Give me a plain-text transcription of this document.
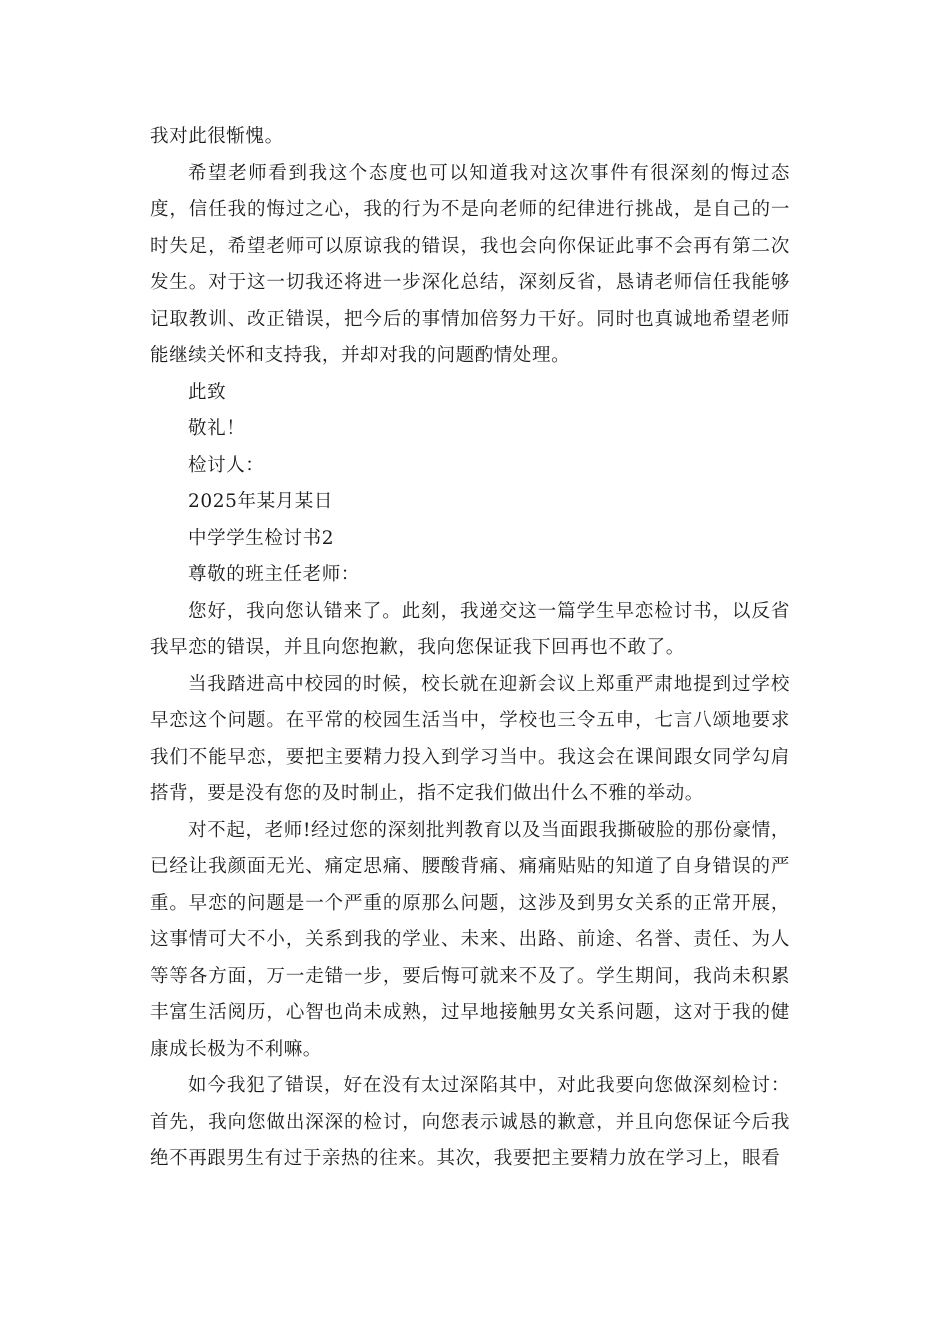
我对此很惭愧。

希望老师看到我这个态度也可以知道我对这次事件有很深刻的悔过态度，信任我的悔过之心，我的行为不是向老师的纪律进行挑战，是自己的一时失足，希望老师可以原谅我的错误，我也会向你保证此事不会再有第二次发生。对于这一切我还将进一步深化总结，深刻反省，恳请老师信任我能够记取教训、改正错误，把今后的事情加倍努力干好。同时也真诚地希望老师能继续关怀和支持我，并却对我的问题酌情处理。

此致

敬礼！

检讨人：

2025年某月某日

中学学生检讨书2

尊敬的班主任老师：

您好，我向您认错来了。此刻，我递交这一篇学生早恋检讨书，以反省我早恋的错误，并且向您抱歉，我向您保证我下回再也不敢了。

当我踏进高中校园的时候，校长就在迎新会议上郑重严肃地提到过学校早恋这个问题。在平常的校园生活当中，学校也三令五申，七言八颂地要求我们不能早恋，要把主要精力投入到学习当中。我这会在课间跟女同学勾肩搭背，要是没有您的及时制止，指不定我们做出什么不雅的举动。

对不起，老师!经过您的深刻批判教育以及当面跟我撕破脸的那份豪情，已经让我颜面无光、痛定思痛、腰酸背痛、痛痛贴贴的知道了自身错误的严重。早恋的问题是一个严重的原那么问题，这涉及到男女关系的正常开展，这事情可大不小，关系到我的学业、未来、出路、前途、名誉、责任、为人等等各方面，万一走错一步，要后悔可就来不及了。学生期间，我尚未积累丰富生活阅历，心智也尚未成熟，过早地接触男女关系问题，这对于我的健康成长极为不利嘛。

如今我犯了错误，好在没有太过深陷其中，对此我要向您做深刻检讨：首先，我向您做出深深的检讨，向您表示诚恳的歉意，并且向您保证今后我绝不再跟男生有过于亲热的往来。其次，我要把主要精力放在学习上，眼看
